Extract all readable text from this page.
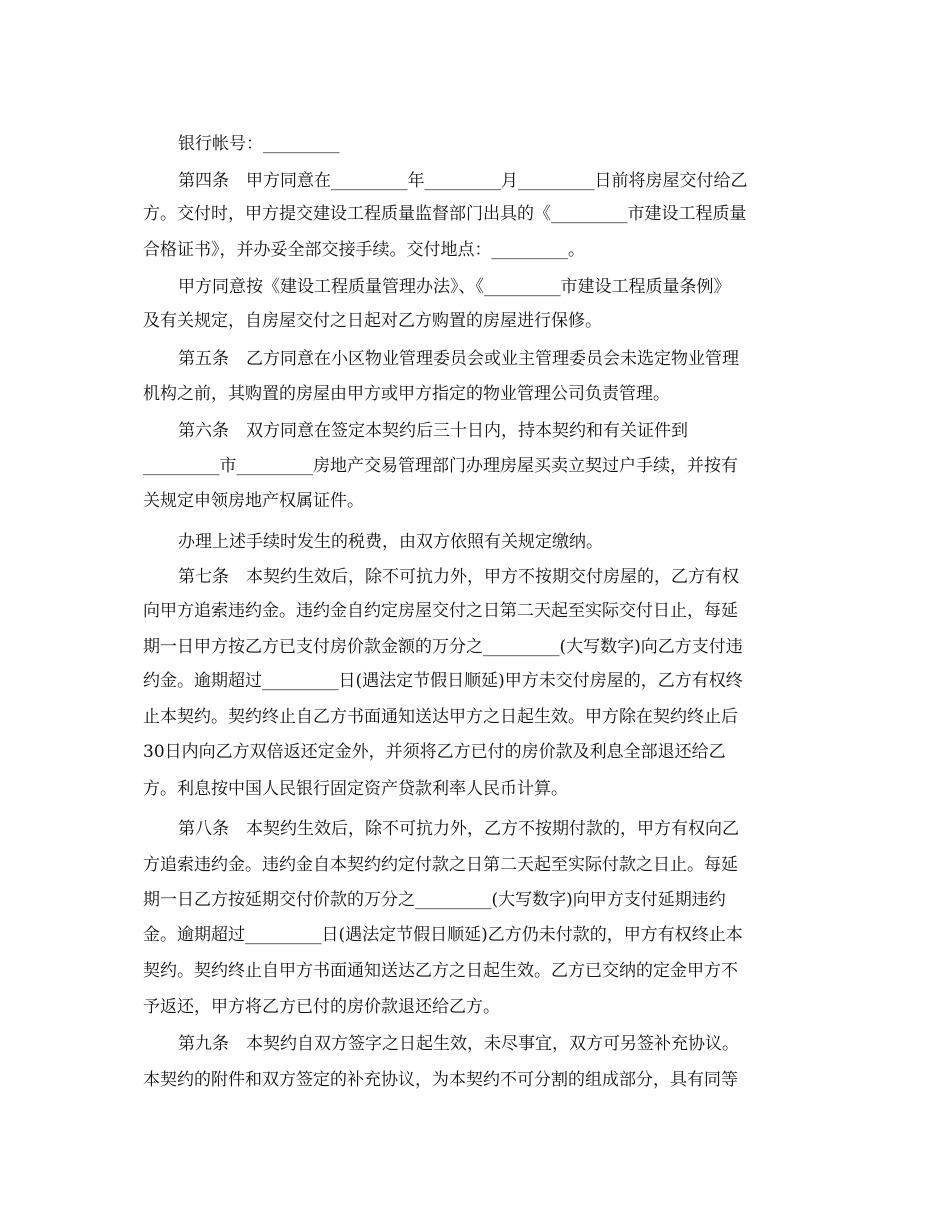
银行帐号：_________
第四条　甲方同意在_________年_________月_________日前将房屋交付给乙
方。交付时，甲方提交建设工程质量监督部门出具的《_________市建设工程质量
合格证书》，并办妥全部交接手续。交付地点：_________。
甲方同意按《建设工程质量管理办法》、《_________市建设工程质量条例》
及有关规定，自房屋交付之日起对乙方购置的房屋进行保修。
第五条　乙方同意在小区物业管理委员会或业主管理委员会未选定物业管理
机构之前，其购置的房屋由甲方或甲方指定的物业管理公司负责管理。
第六条　双方同意在签定本契约后三十日内，持本契约和有关证件到
_________市_________房地产交易管理部门办理房屋买卖立契过户手续，并按有
关规定申领房地产权属证件。
办理上述手续时发生的税费，由双方依照有关规定缴纳。
第七条　本契约生效后，除不可抗力外，甲方不按期交付房屋的，乙方有权
向甲方追索违约金。违约金自约定房屋交付之日第二天起至实际交付日止，每延
期一日甲方按乙方已支付房价款金额的万分之_________(大写数字)向乙方支付违
约金。逾期超过_________日(遇法定节假日顺延)甲方未交付房屋的，乙方有权终
止本契约。契约终止自乙方书面通知送达甲方之日起生效。甲方除在契约终止后
30日内向乙方双倍返还定金外，并须将乙方已付的房价款及利息全部退还给乙
方。利息按中国人民银行固定资产贷款利率人民币计算。
第八条　本契约生效后，除不可抗力外，乙方不按期付款的，甲方有权向乙
方追索违约金。违约金自本契约约定付款之日第二天起至实际付款之日止。每延
期一日乙方按延期交付价款的万分之_________(大写数字)向甲方支付延期违约
金。逾期超过_________日(遇法定节假日顺延)乙方仍未付款的，甲方有权终止本
契约。契约终止自甲方书面通知送达乙方之日起生效。乙方已交纳的定金甲方不
予返还，甲方将乙方已付的房价款退还给乙方。
第九条　本契约自双方签字之日起生效，未尽事宜，双方可另签补充协议。
本契约的附件和双方签定的补充协议，为本契约不可分割的组成部分，具有同等
